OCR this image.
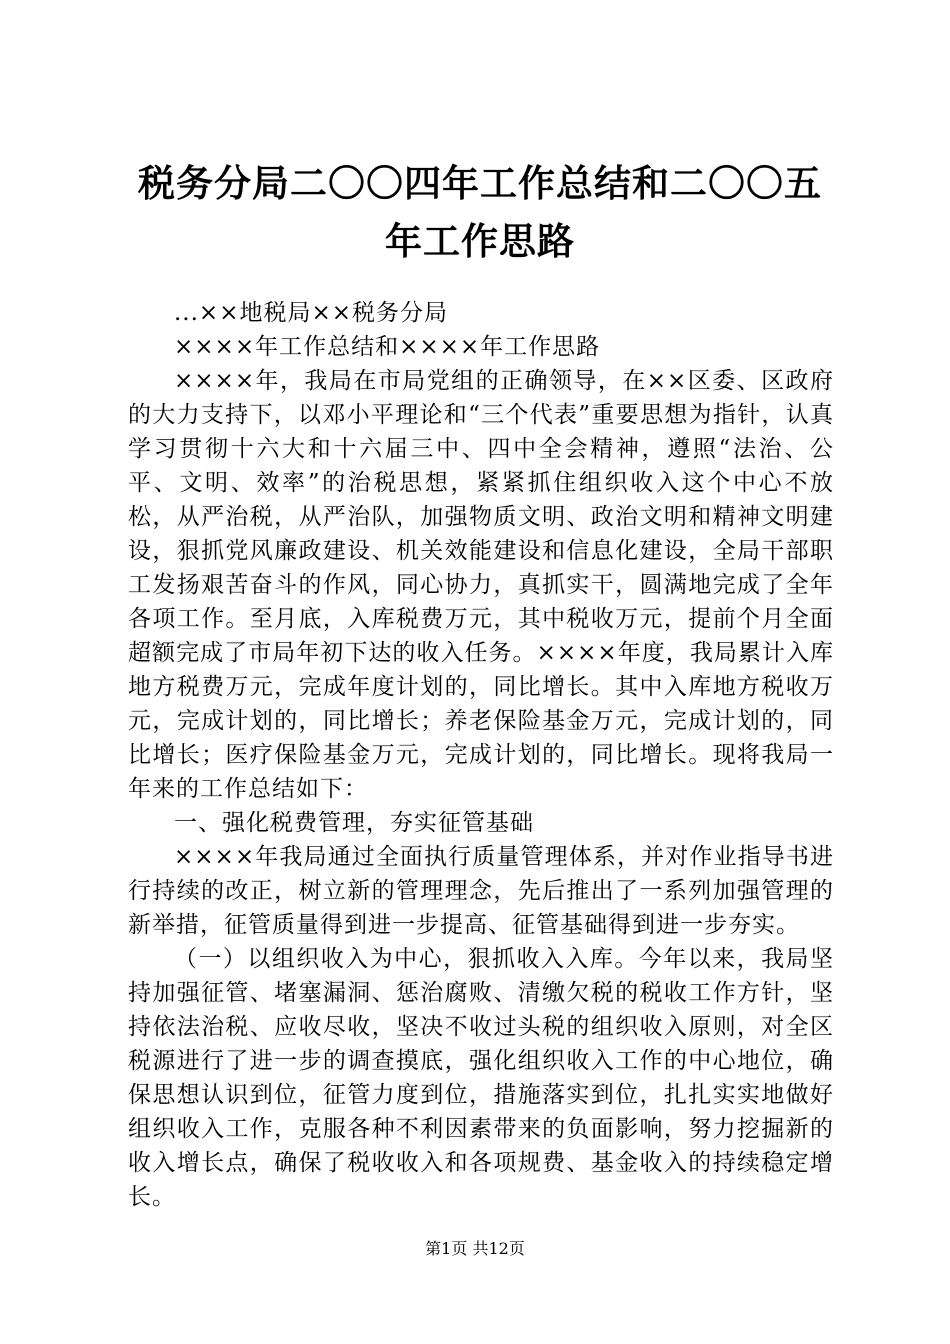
税务分局二〇〇四年工作总结和二〇〇五年工作思路

...××地税局××税务分局

××××年工作总结和××××年工作思路

××××年，我局在市局党组的正确领导，在××区委、区政府的大力支持下，以邓小平理论和“三个代表”重要思想为指针，认真学习贯彻十六大和十六届三中、四中全会精神，遵照“法治、公平、文明、效率”的治税思想，紧紧抓住组织收入这个中心不放松，从严治税，从严治队，加强物质文明、政治文明和精神文明建设，狠抓党风廉政建设、机关效能建设和信息化建设，全局干部职工发扬艰苦奋斗的作风，同心协力，真抓实干，圆满地完成了全年各项工作。至月底，入库税费万元，其中税收万元，提前个月全面超额完成了市局年初下达的收入任务。××××年度，我局累计入库地方税费万元，完成年度计划的，同比增长。其中入库地方税收万元，完成计划的，同比增长；养老保险基金万元，完成计划的，同比增长；医疗保险基金万元，完成计划的，同比增长。现将我局一年来的工作总结如下：

一、强化税费管理，夯实征管基础

××××年我局通过全面执行质量管理体系，并对作业指导书进行持续的改正，树立新的管理理念，先后推出了一系列加强管理的新举措，征管质量得到进一步提高、征管基础得到进一步夯实。

（一）以组织收入为中心，狠抓收入入库。今年以来，我局坚持加强征管、堵塞漏洞、惩治腐败、清缴欠税的税收工作方针，坚持依法治税、应收尽收，坚决不收过头税的组织收入原则，对全区税源进行了进一步的调查摸底，强化组织收入工作的中心地位，确保思想认识到位，征管力度到位，措施落实到位，扎扎实实地做好组织收入工作，克服各种不利因素带来的负面影响，努力挖掘新的收入增长点，确保了税收收入和各项规费、基金收入的持续稳定增长。

第1页 共12页
